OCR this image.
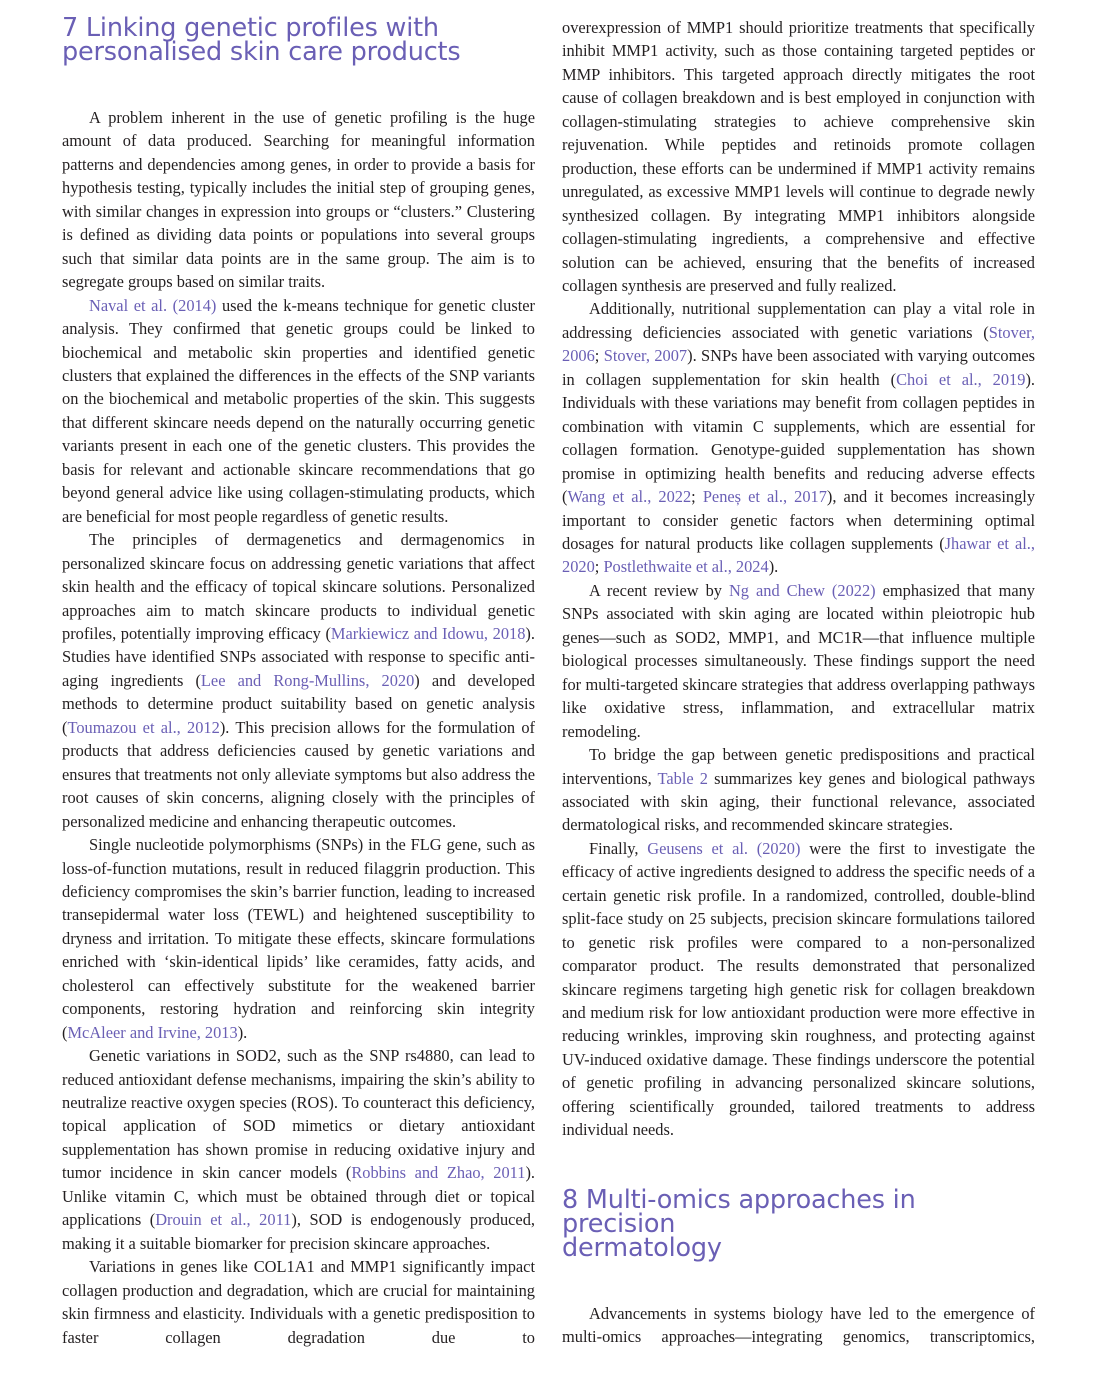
7 Linking genetic profiles with
personalised skin care products

A problem inherent in the use of genetic profiling is the huge amount of data produced. Searching for meaningful information patterns and dependencies among genes, in order to provide a basis for hypothesis testing, typically includes the initial step of grouping genes, with similar changes in expression into groups or “clusters.” Clustering is defined as dividing data points or populations into several groups such that similar data points are in the same group. The aim is to segregate groups based on similar traits.

Naval et al. (2014) used the k-means technique for genetic cluster analysis. They confirmed that genetic groups could be linked to biochemical and metabolic skin properties and identified genetic clusters that explained the differences in the effects of the SNP variants on the biochemical and metabolic properties of the skin. This suggests that different skincare needs depend on the naturally occurring genetic variants present in each one of the genetic clusters. This provides the basis for relevant and actionable skincare recommendations that go beyond general advice like using collagen-stimulating products, which are beneficial for most people regardless of genetic results.

The principles of dermagenetics and dermagenomics in personalized skincare focus on addressing genetic variations that affect skin health and the efficacy of topical skincare solutions. Personalized approaches aim to match skincare products to individual genetic profiles, potentially improving efficacy (Markiewicz and Idowu, 2018). Studies have identified SNPs associated with response to specific anti-aging ingredients (Lee and Rong-Mullins, 2020) and developed methods to determine product suitability based on genetic analysis (Toumazou et al., 2012). This precision allows for the formulation of products that address deficiencies caused by genetic variations and ensures that treatments not only alleviate symptoms but also address the root causes of skin concerns, aligning closely with the principles of personalized medicine and enhancing therapeutic outcomes.

Single nucleotide polymorphisms (SNPs) in the FLG gene, such as loss-of-function mutations, result in reduced filaggrin production. This deficiency compromises the skin’s barrier function, leading to increased transepidermal water loss (TEWL) and heightened susceptibility to dryness and irritation. To mitigate these effects, skincare formulations enriched with ‘skin-identical lipids’ like ceramides, fatty acids, and cholesterol can effectively substitute for the weakened barrier components, restoring hydration and reinforcing skin integrity (McAleer and Irvine, 2013).

Genetic variations in SOD2, such as the SNP rs4880, can lead to reduced antioxidant defense mechanisms, impairing the skin’s ability to neutralize reactive oxygen species (ROS). To counteract this deficiency, topical application of SOD mimetics or dietary antioxidant supplementation has shown promise in reducing oxidative injury and tumor incidence in skin cancer models (Robbins and Zhao, 2011). Unlike vitamin C, which must be obtained through diet or topical applications (Drouin et al., 2011), SOD is endogenously produced, making it a suitable biomarker for precision skincare approaches.

Variations in genes like COL1A1 and MMP1 significantly impact collagen production and degradation, which are crucial for maintaining skin firmness and elasticity. Individuals with a genetic predisposition to faster collagen degradation due to

overexpression of MMP1 should prioritize treatments that specifically inhibit MMP1 activity, such as those containing targeted peptides or MMP inhibitors. This targeted approach directly mitigates the root cause of collagen breakdown and is best employed in conjunction with collagen-stimulating strategies to achieve comprehensive skin rejuvenation. While peptides and retinoids promote collagen production, these efforts can be undermined if MMP1 activity remains unregulated, as excessive MMP1 levels will continue to degrade newly synthesized collagen. By integrating MMP1 inhibitors alongside collagen-stimulating ingredients, a comprehensive and effective solution can be achieved, ensuring that the benefits of increased collagen synthesis are preserved and fully realized.

Additionally, nutritional supplementation can play a vital role in addressing deficiencies associated with genetic variations (Stover, 2006; Stover, 2007). SNPs have been associated with varying outcomes in collagen supplementation for skin health (Choi et al., 2019). Individuals with these variations may benefit from collagen peptides in combination with vitamin C supplements, which are essential for collagen formation. Genotype-guided supplementation has shown promise in optimizing health benefits and reducing adverse effects (Wang et al., 2022; Peneș et al., 2017), and it becomes increasingly important to consider genetic factors when determining optimal dosages for natural products like collagen supplements (Jhawar et al., 2020; Postlethwaite et al., 2024).

A recent review by Ng and Chew (2022) emphasized that many SNPs associated with skin aging are located within pleiotropic hub genes—such as SOD2, MMP1, and MC1R—that influence multiple biological processes simultaneously. These findings support the need for multi-targeted skincare strategies that address overlapping pathways like oxidative stress, inflammation, and extracellular matrix remodeling.

To bridge the gap between genetic predispositions and practical interventions, Table 2 summarizes key genes and biological pathways associated with skin aging, their functional relevance, associated dermatological risks, and recommended skincare strategies.

Finally, Geusens et al. (2020) were the first to investigate the efficacy of active ingredients designed to address the specific needs of a certain genetic risk profile. In a randomized, controlled, double-blind split-face study on 25 subjects, precision skincare formulations tailored to genetic risk profiles were compared to a non-personalized comparator product. The results demonstrated that personalized skincare regimens targeting high genetic risk for collagen breakdown and medium risk for low antioxidant production were more effective in reducing wrinkles, improving skin roughness, and protecting against UV-induced oxidative damage. These findings underscore the potential of genetic profiling in advancing personalized skincare solutions, offering scientifically grounded, tailored treatments to address individual needs.

8 Multi-omics approaches in precision
dermatology

Advancements in systems biology have led to the emergence of multi-omics approaches—integrating genomics, transcriptomics,
